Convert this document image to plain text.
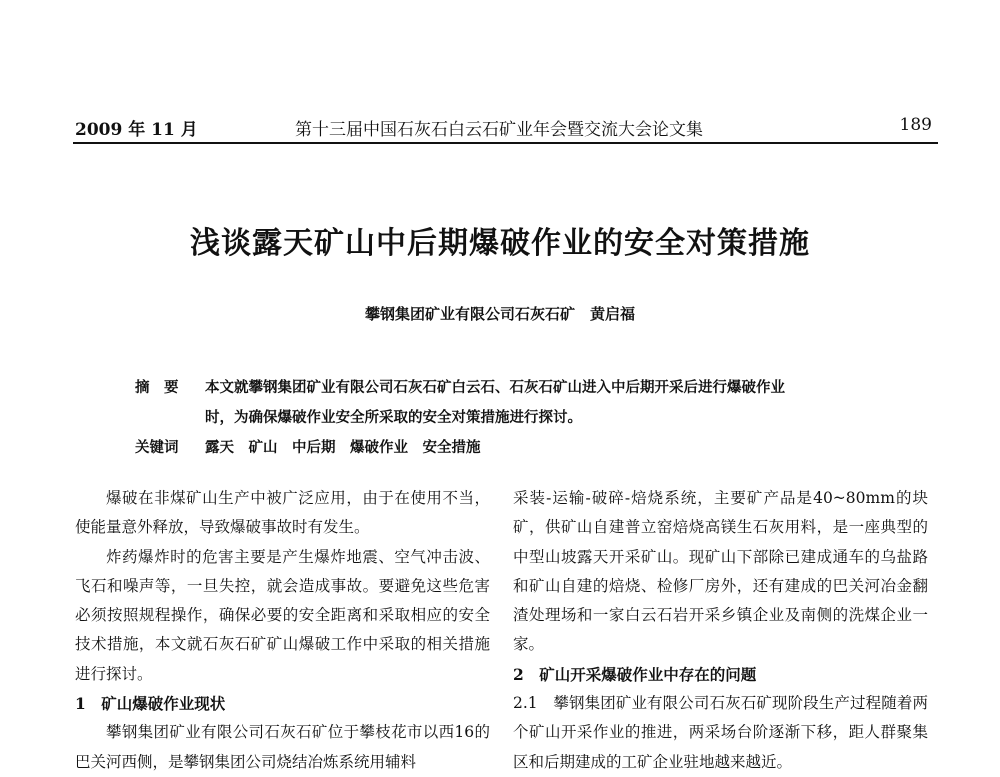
2009 年 11 月	第十三届中国石灰石白云石矿业年会暨交流大会论文集	189
浅谈露天矿山中后期爆破作业的安全对策措施
攀钢集团矿业有限公司石灰石矿　黄启福
摘　要	本文就攀钢集团矿业有限公司石灰石矿白云石、石灰石矿山进入中后期开采后进行爆破作业
时，为确保爆破作业安全所采取的安全对策措施进行探讨。
关键词	露天　矿山　中后期　爆破作业　安全措施

爆破在非煤矿山生产中被广泛应用，由于在使用不当，使能量意外释放，导致爆破事故时有发生。

炸药爆炸时的危害主要是产生爆炸地震、空气冲击波、飞石和噪声等，一旦失控，就会造成事故。要避免这些危害必须按照规程操作，确保必要的安全距离和采取相应的安全技术措施，本文就石灰石矿矿山爆破工作中采取的相关措施进行探讨。

1　矿山爆破作业现状

攀钢集团矿业有限公司石灰石矿位于攀枝花市以西16的巴关河西侧，是攀钢集团公司烧结冶炼系统用辅料

采装-运输-破碎-焙烧系统，主要矿产品是40~80mm的块矿，供矿山自建普立窑焙烧高镁生石灰用料，是一座典型的中型山坡露天开采矿山。现矿山下部除已建成通车的乌盐路和矿山自建的焙烧、检修厂房外，还有建成的巴关河冶金翻渣处理场和一家白云石岩开采乡镇企业及南侧的洗煤企业一家。

2　矿山开采爆破作业中存在的问题

2.1　攀钢集团矿业有限公司石灰石矿现阶段生产过程随着两个矿山开采作业的推进，两采场台阶逐渐下移，距人群聚集区和后期建成的工矿企业驻地越来越近。
